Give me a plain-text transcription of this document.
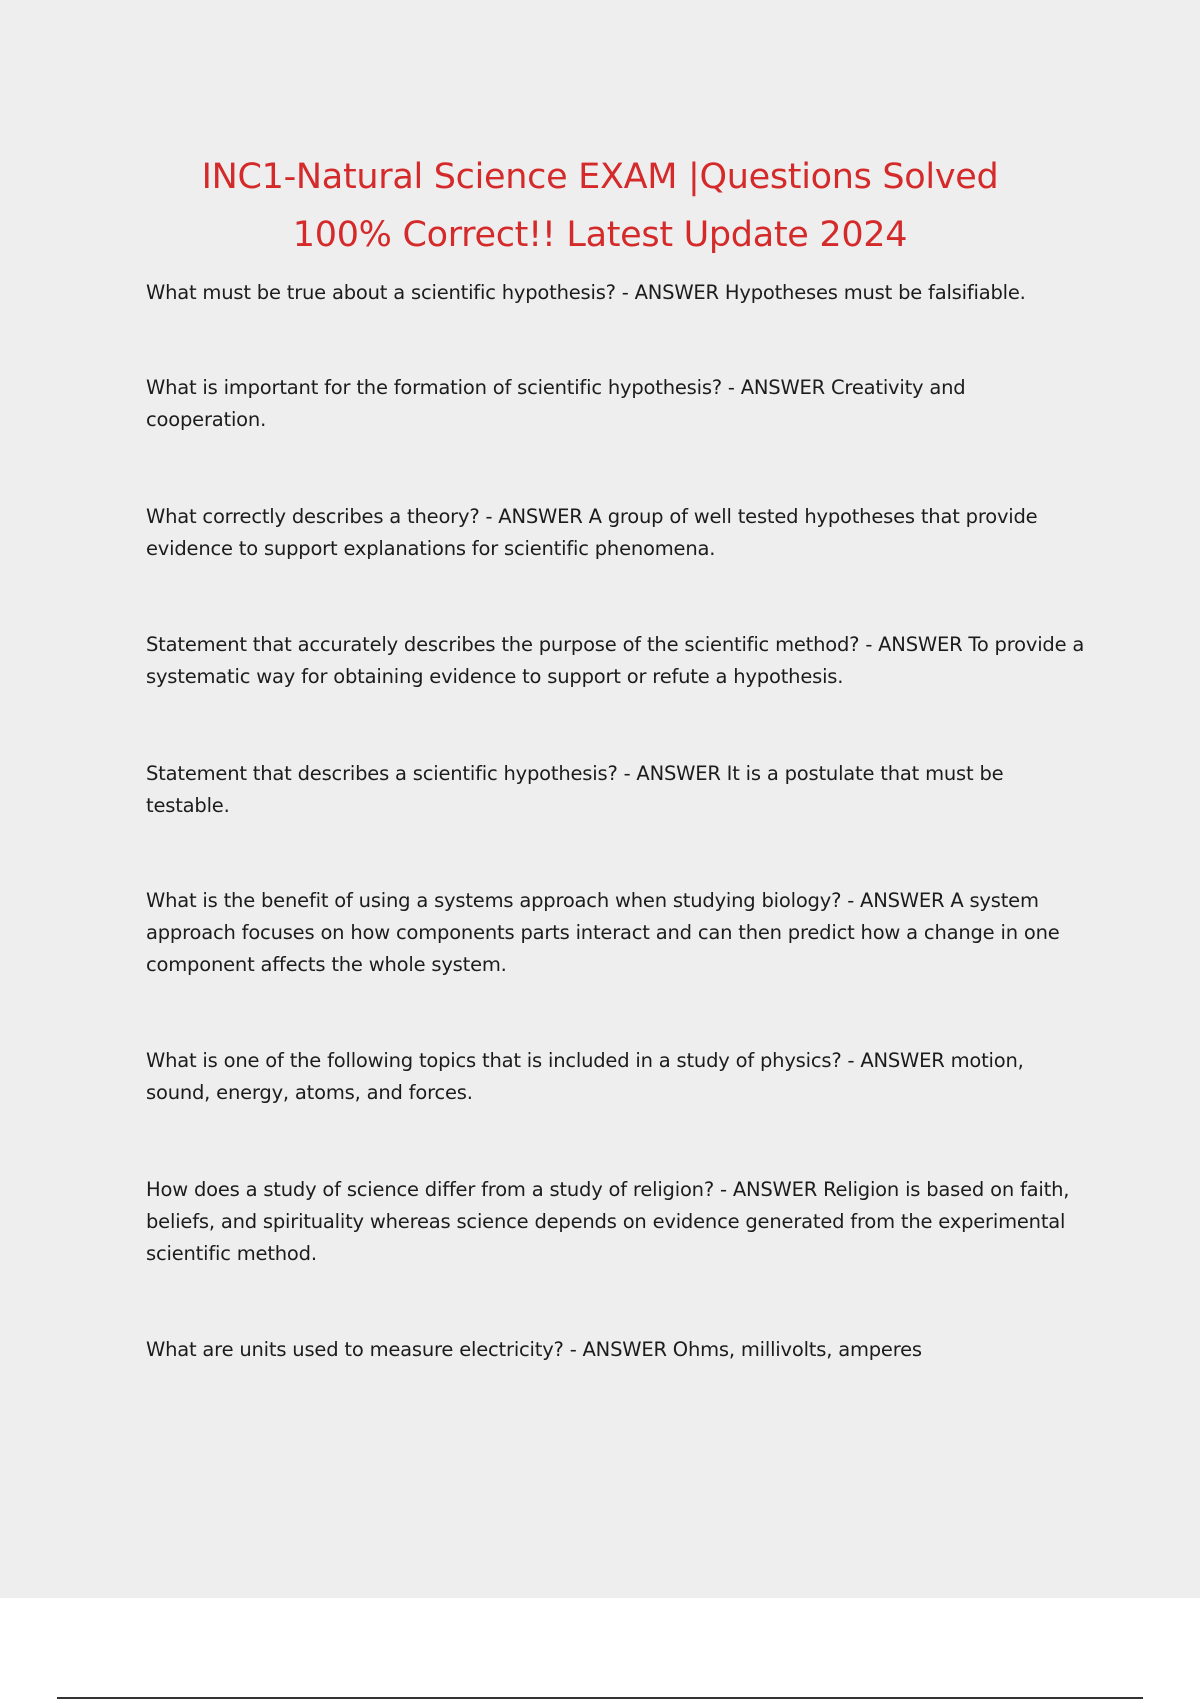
INC1-Natural Science EXAM |Questions Solved
100% Correct!! Latest Update 2024

What must be true about a scientific hypothesis? - ANSWER Hypotheses must be falsifiable.

What is important for the formation of scientific hypothesis? - ANSWER Creativity and cooperation.

What correctly describes a theory? - ANSWER A group of well tested hypotheses that provide evidence to support explanations for scientific phenomena.

Statement that accurately describes the purpose of the scientific method? - ANSWER To provide a systematic way for obtaining evidence to support or refute a hypothesis.

Statement that describes a scientific hypothesis? - ANSWER It is a postulate that must be testable.

What is the benefit of using a systems approach when studying biology? - ANSWER A system approach focuses on how components parts interact and can then predict how a change in one component affects the whole system.

What is one of the following topics that is included in a study of physics? - ANSWER motion, sound, energy, atoms, and forces.

How does a study of science differ from a study of religion? - ANSWER Religion is based on faith, beliefs, and spirituality whereas science depends on evidence generated from the experimental scientific method.

What are units used to measure electricity? - ANSWER Ohms, millivolts, amperes
